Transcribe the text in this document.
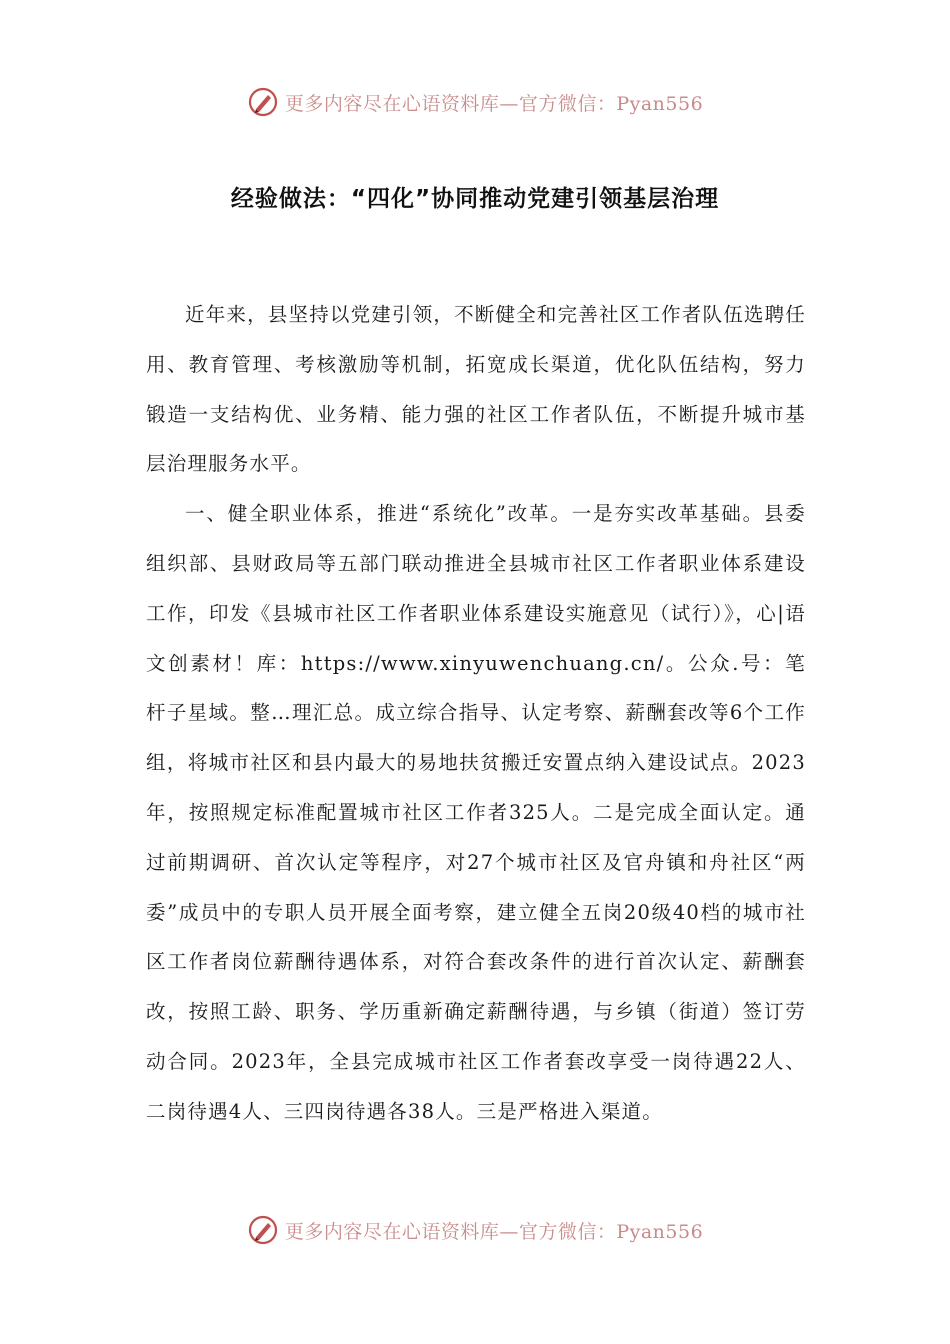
更多内容尽在心语资料库—官方微信：Pyan556
经验做法：“四化”协同推动党建引领基层治理

近年来，县坚持以党建引领，不断健全和完善社区工作者队伍选聘任用、教育管理、考核激励等机制，拓宽成长渠道，优化队伍结构，努力锻造一支结构优、业务精、能力强的社区工作者队伍，不断提升城市基层治理服务水平。

一、健全职业体系，推进“系统化”改革。一是夯实改革基础。县委组织部、县财政局等五部门联动推进全县城市社区工作者职业体系建设工作，印发《县城市社区工作者职业体系建设实施意见（试行）》，心|语文创素材！库：https://www.xinyuwenchuang.cn/。公众.号：笔杆子星域。整…理汇总。成立综合指导、认定考察、薪酬套改等6个工作组，将城市社区和县内最大的易地扶贫搬迁安置点纳入建设试点。2023年，按照规定标准配置城市社区工作者325人。二是完成全面认定。通过前期调研、首次认定等程序，对27个城市社区及官舟镇和舟社区“两委”成员中的专职人员开展全面考察，建立健全五岗20级40档的城市社区工作者岗位薪酬待遇体系，对符合套改条件的进行首次认定、薪酬套改，按照工龄、职务、学历重新确定薪酬待遇，与乡镇（街道）签订劳动合同。2023年，全县完成城市社区工作者套改享受一岗待遇22人、二岗待遇4人、三四岗待遇各38人。三是严格进入渠道。

更多内容尽在心语资料库—官方微信：Pyan556
